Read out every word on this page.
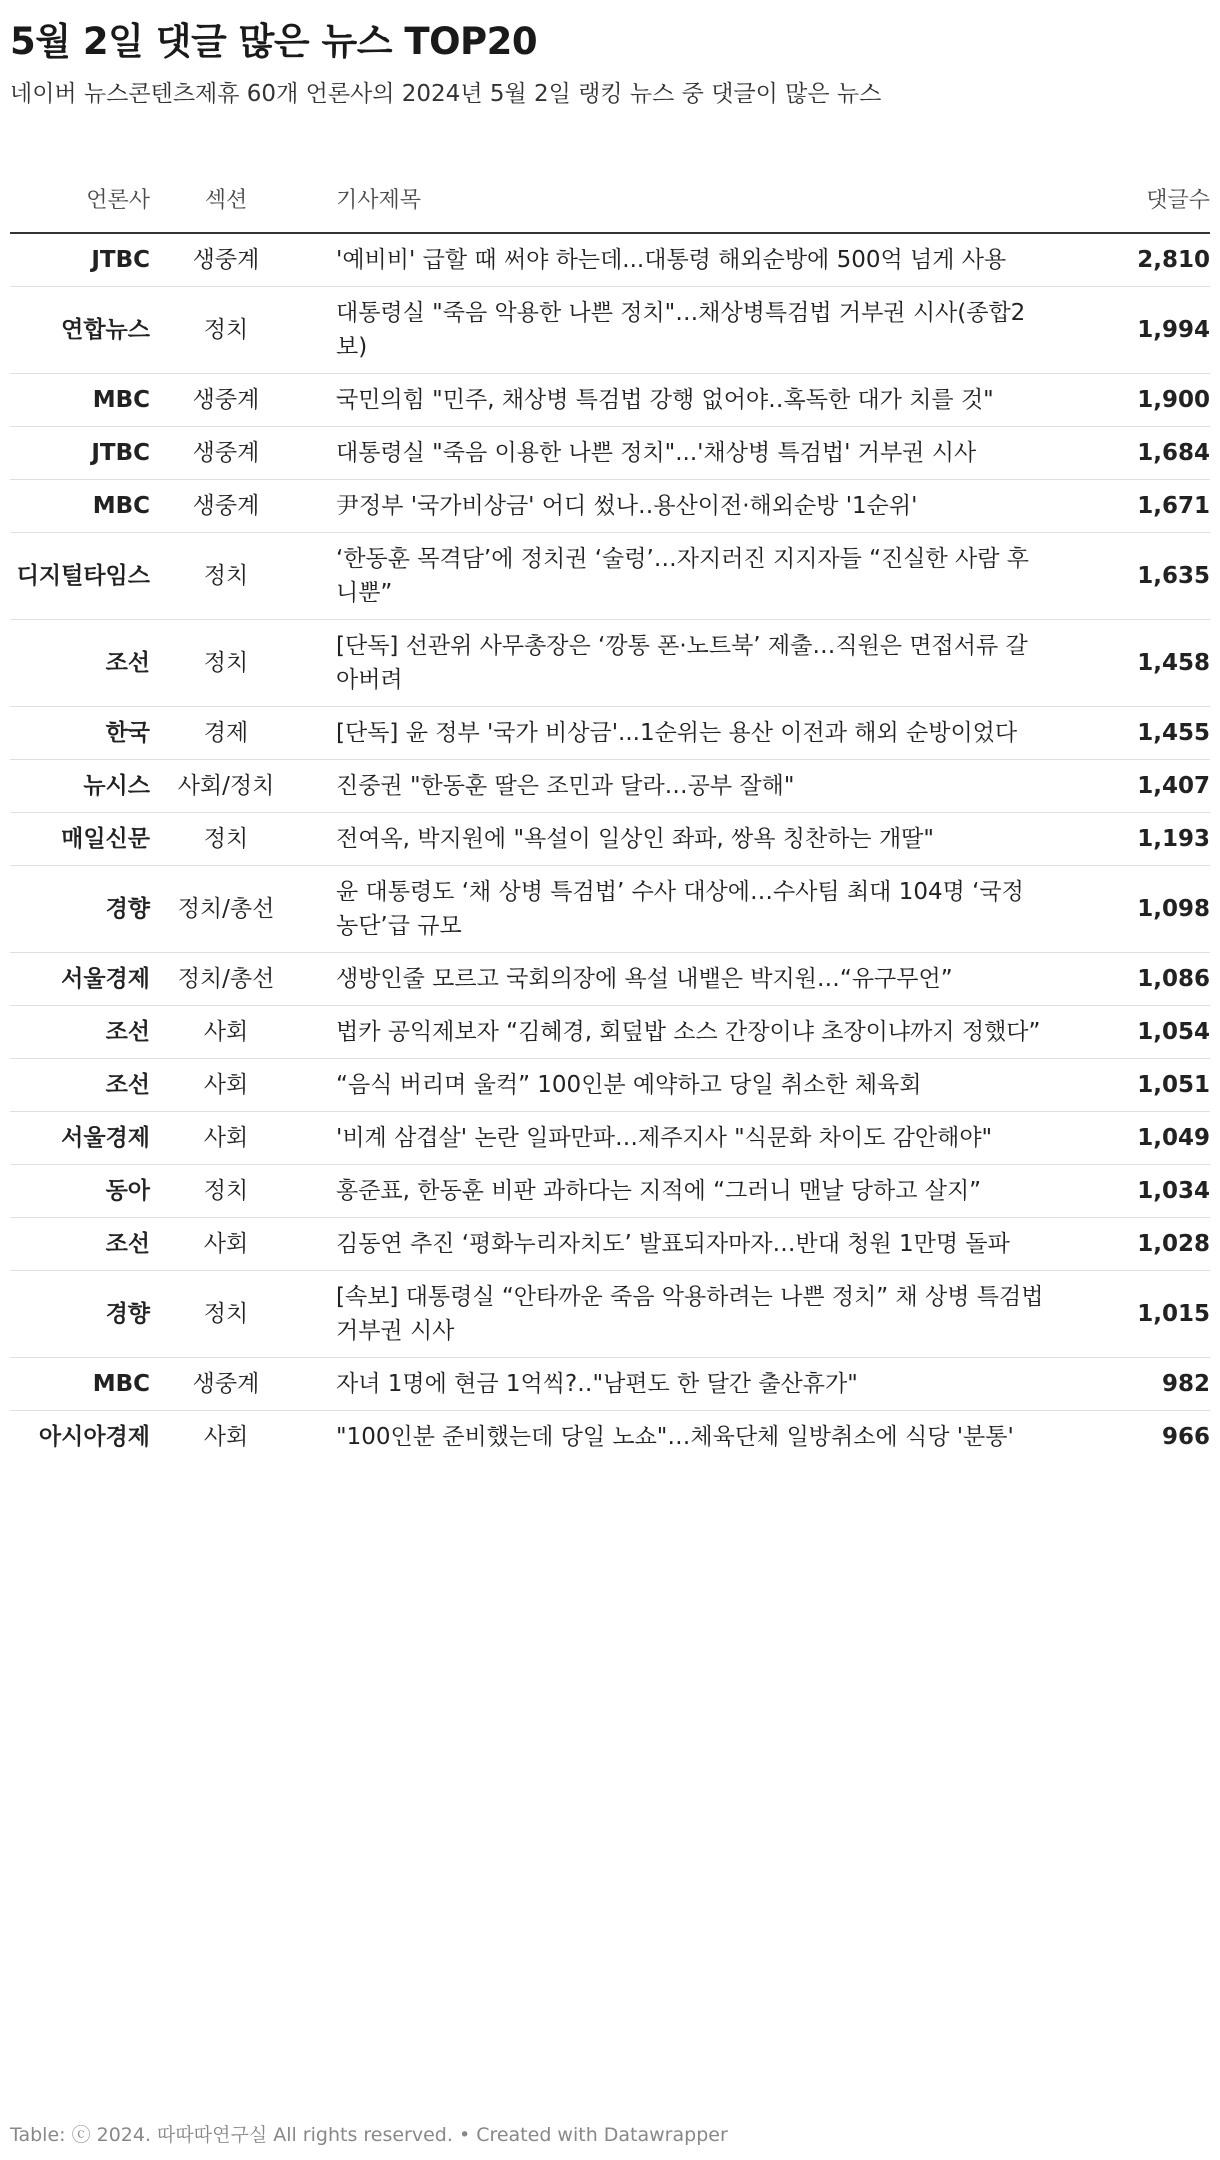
5월 2일 댓글 많은 뉴스 TOP20
네이버 뉴스콘텐츠제휴 60개 언론사의 2024년 5월 2일 랭킹 뉴스 중 댓글이 많은 뉴스
언론사	섹션	기사제목	댓글수
JTBC	생중계	'예비비' 급할 때 써야 하는데...대통령 해외순방에 500억 넘게 사용	2,810
연합뉴스	정치	대통령실 "죽음 악용한 나쁜 정치"…채상병특검법 거부권 시사(종합2보)	1,994
MBC	생중계	국민의힘 "민주, 채상병 특검법 강행 없어야‥혹독한 대가 치를 것"	1,900
JTBC	생중계	대통령실 "죽음 이용한 나쁜 정치"...'채상병 특검법' 거부권 시사	1,684
MBC	생중계	尹정부 '국가비상금' 어디 썼나‥용산이전·해외순방 '1순위'	1,671
디지털타임스	정치	‘한동훈 목격담’에 정치권 ‘술렁’…자지러진 지지자들 “진실한 사람 후니뿐”	1,635
조선	정치	[단독] 선관위 사무총장은 ‘깡통 폰·노트북’ 제출…직원은 면접서류 갈아버려	1,458
한국	경제	[단독] 윤 정부 '국가 비상금'...1순위는 용산 이전과 해외 순방이었다	1,455
뉴시스	사회/정치	진중권 "한동훈 딸은 조민과 달라…공부 잘해"	1,407
매일신문	정치	전여옥, 박지원에 "욕설이 일상인 좌파, 쌍욕 칭찬하는 개딸"	1,193
경향	정치/총선	윤 대통령도 ‘채 상병 특검법’ 수사 대상에…수사팀 최대 104명 ‘국정농단’급 규모	1,098
서울경제	정치/총선	생방인줄 모르고 국회의장에 욕설 내뱉은 박지원…“유구무언”	1,086
조선	사회	법카 공익제보자 “김혜경, 회덮밥 소스 간장이냐 초장이냐까지 정했다”	1,054
조선	사회	“음식 버리며 울컥” 100인분 예약하고 당일 취소한 체육회	1,051
서울경제	사회	'비계 삼겹살' 논란 일파만파…제주지사 "식문화 차이도 감안해야"	1,049
동아	정치	홍준표, 한동훈 비판 과하다는 지적에 “그러니 맨날 당하고 살지”	1,034
조선	사회	김동연 추진 ‘평화누리자치도’ 발표되자마자…반대 청원 1만명 돌파	1,028
경향	정치	[속보] 대통령실 “안타까운 죽음 악용하려는 나쁜 정치” 채 상병 특검법 거부권 시사	1,015
MBC	생중계	자녀 1명에 현금 1억씩?‥"남편도 한 달간 출산휴가"	982
아시아경제	사회	"100인분 준비했는데 당일 노쇼"…체육단체 일방취소에 식당 '분통'	966
Table: ⓒ 2024. 따따따연구실 All rights reserved. • Created with Datawrapper
